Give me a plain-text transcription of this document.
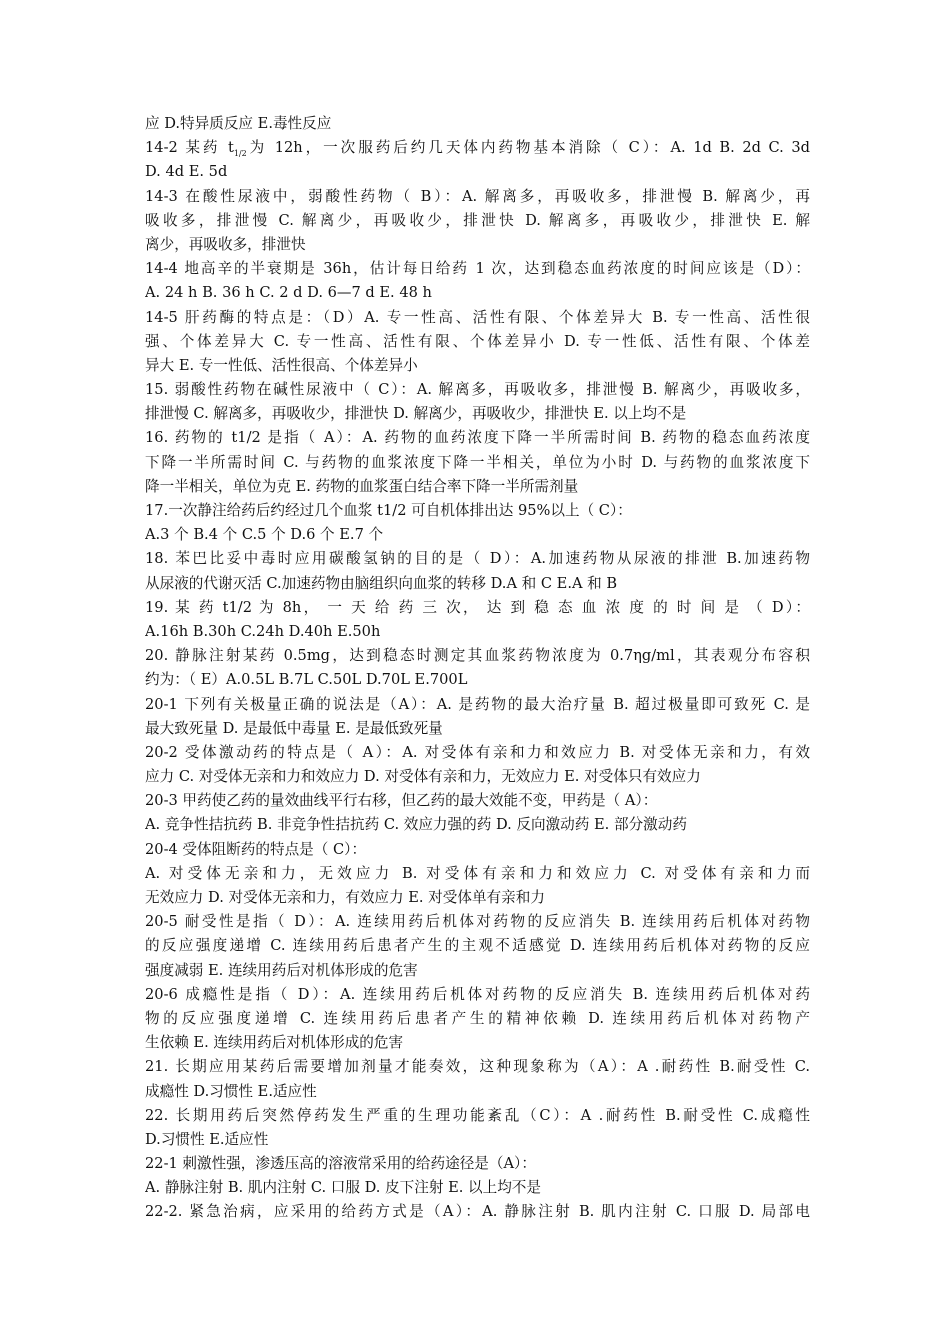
应 D.特异质反应 E.毒性反应
14-2 某药 $t_{1/2}$为 12h，一次服药后约几天体内药物基本消除（ C）：A. 1d B. 2d C. 3d
D. 4d E. 5d
14-3 在酸性尿液中，弱酸性药物（ B）：A. 解离多，再吸收多，排泄慢 B. 解离少，再
吸收多，排泄慢 C. 解离少，再吸收少，排泄快 D. 解离多，再吸收少，排泄快 E. 解
离少，再吸收多，排泄快
14-4 地高辛的半衰期是 36h，估计每日给药 1 次，达到稳态血药浓度的时间应该是（D）：
A. 24 h B. 36 h C. 2 d D. 6—7 d E. 48 h
14-5 肝药酶的特点是：（D）A. 专一性高、活性有限、个体差异大 B. 专一性高、活性很
强、个体差异大 C. 专一性高、活性有限、个体差异小 D. 专一性低、活性有限、个体差
异大 E. 专一性低、活性很高、个体差异小
15. 弱酸性药物在碱性尿液中（ C）：A. 解离多，再吸收多，排泄慢 B. 解离少，再吸收多，
排泄慢 C. 解离多，再吸收少，排泄快 D. 解离少，再吸收少，排泄快 E. 以上均不是
16. 药物的 t1/2 是指（ A）：A. 药物的血药浓度下降一半所需时间 B. 药物的稳态血药浓度
下降一半所需时间 C. 与药物的血浆浓度下降一半相关，单位为小时 D. 与药物的血浆浓度下
降一半相关，单位为克 E. 药物的血浆蛋白结合率下降一半所需剂量
17.一次静注给药后约经过几个血浆 t1/2 可自机体排出达 95%以上（ C）：
A.3 个 B.4 个 C.5 个 D.6 个 E.7 个
18. 苯巴比妥中毒时应用碳酸氢钠的目的是（ D）：A.加速药物从尿液的排泄 B.加速药物
从尿液的代谢灭活 C.加速药物由脑组织向血浆的转移 D.A 和 C E.A 和 B
19. 某 药 t1/2 为 8h， 一 天 给 药 三 次， 达 到 稳 态 血 浓 度 的 时 间 是 （ D）：
A.16h B.30h C.24h D.40h E.50h
20. 静脉注射某药 0.5mg，达到稳态时测定其血浆药物浓度为 0.7ηg/ml，其表观分布容积
约为：（ E）A.0.5L B.7L C.50L D.70L E.700L
20-1 下列有关极量正确的说法是（A）：A. 是药物的最大治疗量 B. 超过极量即可致死 C. 是
最大致死量 D. 是最低中毒量 E. 是最低致死量
20-2 受体激动药的特点是（ A）：A. 对受体有亲和力和效应力 B. 对受体无亲和力，有效
应力 C. 对受体无亲和力和效应力 D. 对受体有亲和力，无效应力 E. 对受体只有效应力
20-3 甲药使乙药的量效曲线平行右移，但乙药的最大效能不变，甲药是（ A）：
A. 竞争性拮抗药 B. 非竞争性拮抗药 C. 效应力强的药 D. 反向激动药 E. 部分激动药
20-4 受体阻断药的特点是（ C）：
A. 对受体无亲和力，无效应力 B. 对受体有亲和力和效应力 C. 对受体有亲和力而
无效应力 D. 对受体无亲和力，有效应力 E. 对受体单有亲和力
20-5 耐受性是指（ D）：A. 连续用药后机体对药物的反应消失 B. 连续用药后机体对药物
的反应强度递增 C. 连续用药后患者产生的主观不适感觉 D. 连续用药后机体对药物的反应
强度减弱 E. 连续用药后对机体形成的危害
20-6 成瘾性是指（ D）：A. 连续用药后机体对药物的反应消失 B. 连续用药后机体对药
物的反应强度递增 C. 连续用药后患者产生的精神依赖 D. 连续用药后机体对药物产
生依赖 E. 连续用药后对机体形成的危害
21. 长期应用某药后需要增加剂量才能奏效，这种现象称为（A）：A .耐药性 B.耐受性 C.
成瘾性 D.习惯性 E.适应性
22. 长期用药后突然停药发生严重的生理功能紊乱（C）：A .耐药性 B.耐受性 C.成瘾性
D.习惯性 E.适应性
22-1 刺激性强，渗透压高的溶液常采用的给药途径是（A）：
A. 静脉注射 B. 肌内注射 C. 口服 D. 皮下注射 E. 以上均不是
22-2. 紧急治病，应采用的给药方式是（A）：A. 静脉注射 B. 肌内注射 C. 口服 D. 局部电
